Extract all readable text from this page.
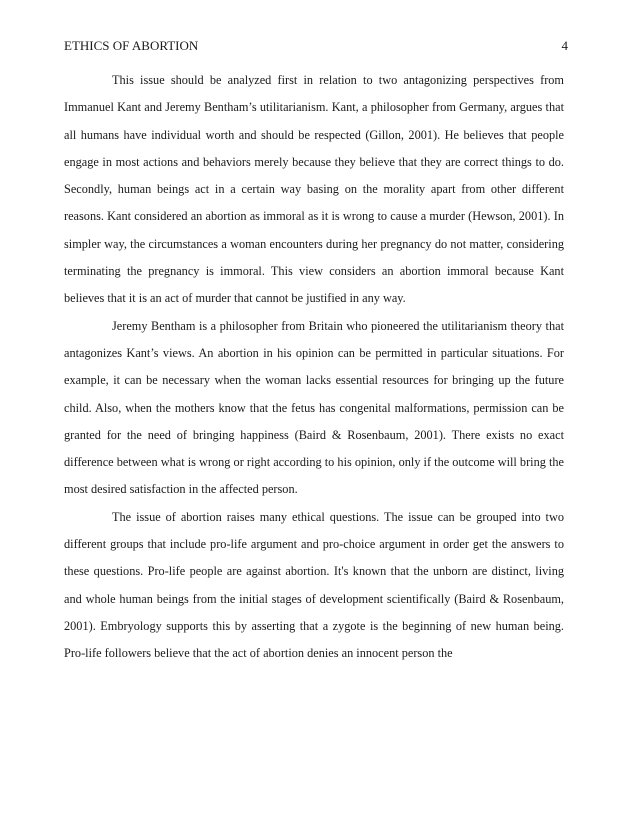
ETHICS OF ABORTION	4

This issue should be analyzed first in relation to two antagonizing perspectives from Immanuel Kant and Jeremy Bentham’s utilitarianism. Kant, a philosopher from Germany, argues that all humans have individual worth and should be respected (Gillon, 2001). He believes that people engage in most actions and behaviors merely because they believe that they are correct things to do. Secondly, human beings act in a certain way basing on the morality apart from other different reasons. Kant considered an abortion as immoral as it is wrong to cause a murder (Hewson, 2001). In simpler way, the circumstances a woman encounters during her pregnancy do not matter, considering terminating the pregnancy is immoral. This view considers an abortion immoral because Kant believes that it is an act of murder that cannot be justified in any way.

Jeremy Bentham is a philosopher from Britain who pioneered the utilitarianism theory that antagonizes Kant’s views. An abortion in his opinion can be permitted in particular situations. For example, it can be necessary when the woman lacks essential resources for bringing up the future child. Also, when the mothers know that the fetus has congenital malformations, permission can be granted for the need of bringing happiness (Baird & Rosenbaum, 2001). There exists no exact difference between what is wrong or right according to his opinion, only if the outcome will bring the most desired satisfaction in the affected person.

The issue of abortion raises many ethical questions. The issue can be grouped into two different groups that include pro-life argument and pro-choice argument in order get the answers to these questions. Pro-life people are against abortion. It's known that the unborn are distinct, living and whole human beings from the initial stages of development scientifically (Baird & Rosenbaum, 2001). Embryology supports this by asserting that a zygote is the beginning of new human being. Pro-life followers believe that the act of abortion denies an innocent person the
